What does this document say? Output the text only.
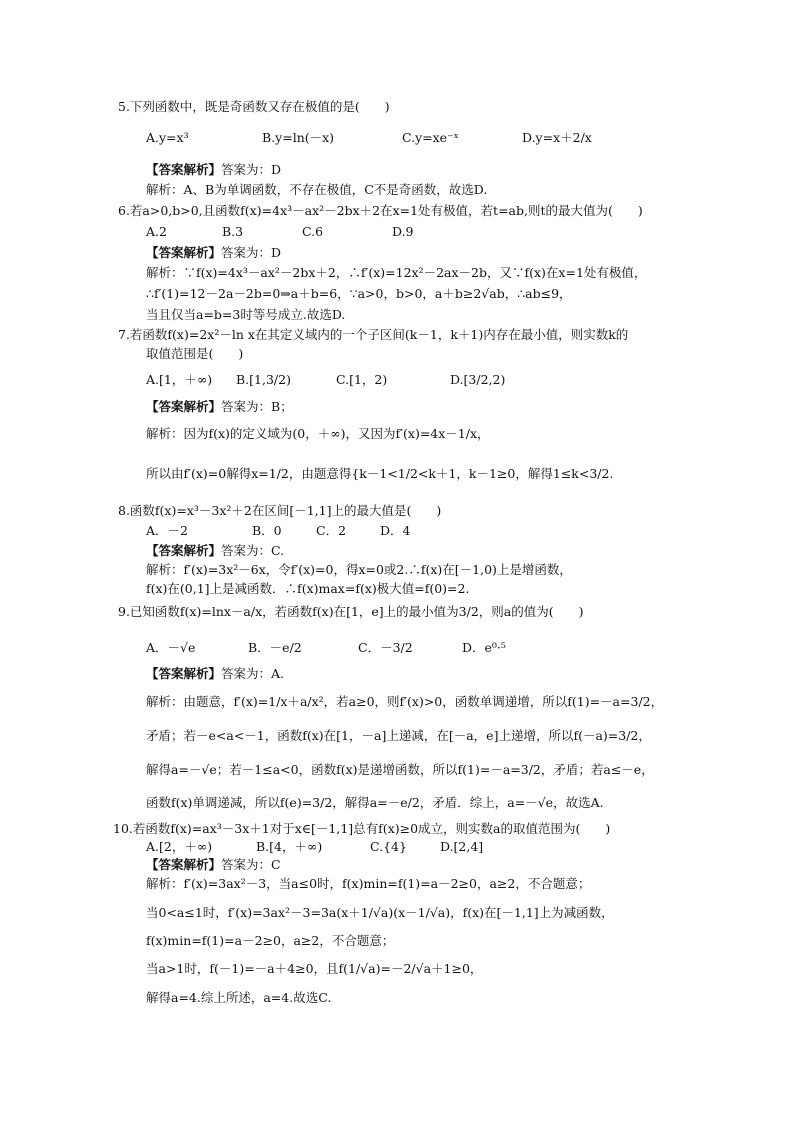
5.下列函数中，既是奇函数又存在极值的是(　　)
A.y=x³	B.y=ln(－x)	C.y=xe⁻ˣ	D.y=x＋2/x
【答案解析】答案为：D
解析：A、B为单调函数，不存在极值，C不是奇函数，故选D.
6.若a>0,b>0,且函数f(x)=4x³－ax²－2bx＋2在x=1处有极值，若t=ab,则t的最大值为(　　)
A.2	B.3	C.6	D.9
【答案解析】答案为：D
解析：∵f(x)=4x³－ax²－2bx＋2，∴f′(x)=12x²－2ax－2b，又∵f(x)在x=1处有极值，
∴f′(1)=12－2a－2b=0⇒a＋b=6，∵a>0，b>0，a＋b≥2√ab，∴ab≤9，
当且仅当a=b=3时等号成立.故选D.
7.若函数f(x)=2x²－ln x在其定义域内的一个子区间(k－1，k＋1)内存在最小值，则实数k的
取值范围是(　　)
A.[1，＋∞) B.[1,3/2)	C.[1，2)	D.[3/2,2)
【答案解析】答案为：B；
解析：因为f(x)的定义域为(0，＋∞)，又因为f′(x)=4x－1/x，
所以由f′(x)=0解得x=1/2，由题意得{k－1<1/2<k＋1，k－1≥0，解得1≤k<3/2.
8.函数f(x)=x³－3x²＋2在区间[－1,1]上的最大值是(　　)
A．－2	B．0	C．2	D．4
【答案解析】答案为：C.
解析：f′(x)=3x²－6x，令f′(x)=0，得x=0或2.∴f(x)在[－1,0)上是增函数，
f(x)在(0,1]上是减函数．∴f(x)max=f(x)极大值=f(0)=2.
9.已知函数f(x)=lnx－a/x，若函数f(x)在[1，e]上的最小值为3/2，则a的值为(　　)
A．－√e	B．－e/2	C．－3/2	D．e⁰·⁵
【答案解析】答案为：A.
解析：由题意，f′(x)=1/x＋a/x²，若a≥0，则f′(x)>0，函数单调递增，所以f(1)=－a=3/2，
矛盾；若－e<a<－1，函数f(x)在[1，－a]上递减，在[－a，e]上递增，所以f(－a)=3/2，
解得a=－√e；若－1≤a<0，函数f(x)是递增函数，所以f(1)=－a=3/2，矛盾；若a≤－e，
函数f(x)单调递减，所以f(e)=3/2，解得a=－e/2，矛盾．综上，a=－√e，故选A.
10.若函数f(x)=ax³－3x＋1对于x∈[－1,1]总有f(x)≥0成立，则实数a的取值范围为(　　)
A.[2，＋∞)	B.[4，＋∞)	C.{4}	D.[2,4]
【答案解析】答案为：C
解析：f′(x)=3ax²－3，当a≤0时，f(x)min=f(1)=a－2≥0，a≥2，不合题意；
当0<a≤1时，f′(x)=3ax²－3=3a(x＋1/√a)(x－1/√a)，f(x)在[－1,1]上为减函数，
f(x)min=f(1)=a－2≥0，a≥2，不合题意；
当a>1时，f(－1)=－a＋4≥0，且f(1/√a)=－2/√a＋1≥0，
解得a=4.综上所述，a=4.故选C.
